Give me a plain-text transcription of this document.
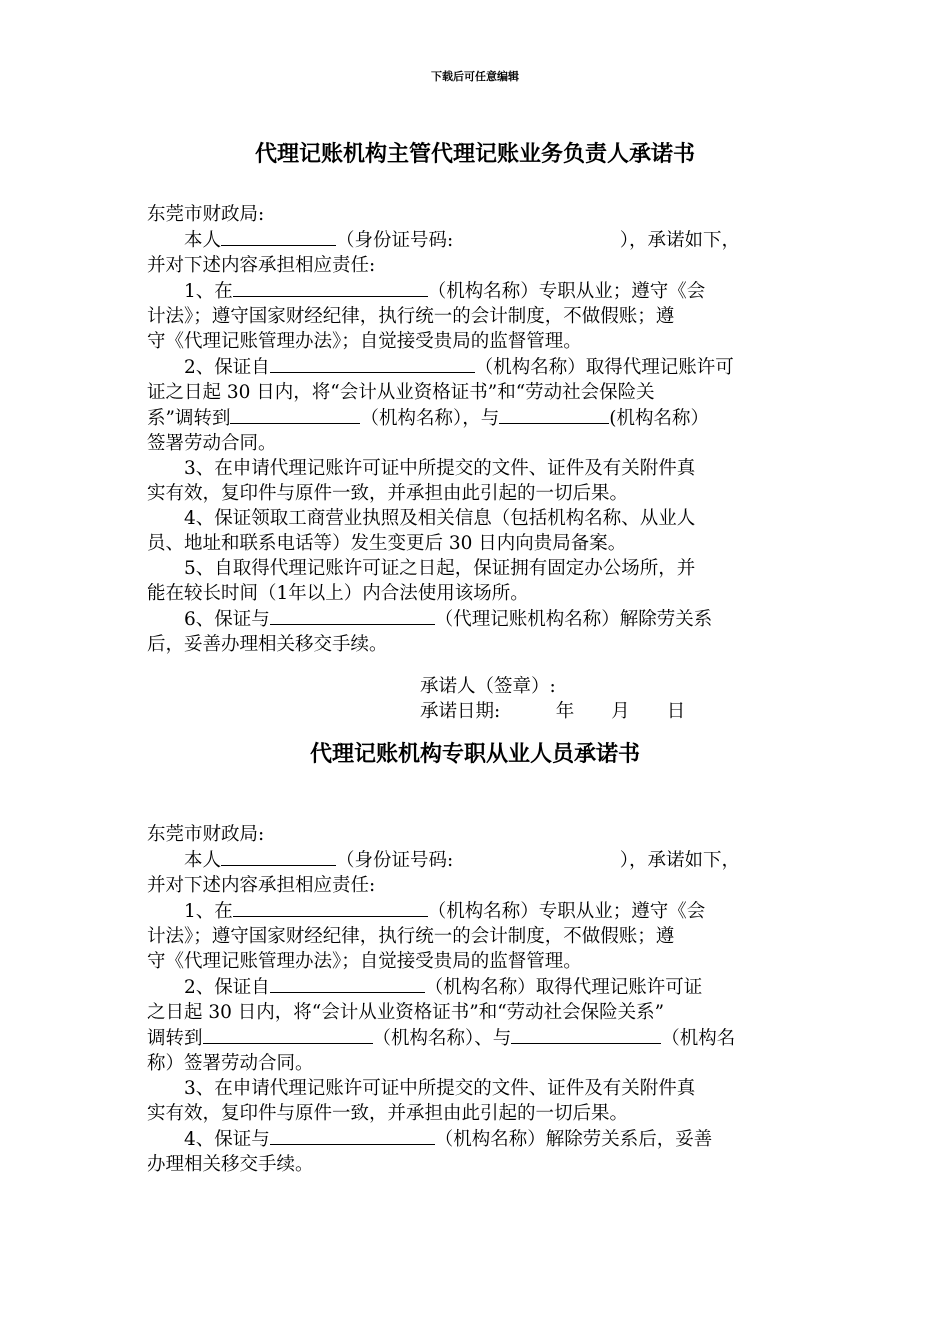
下载后可任意编辑
代理记账机构主管代理记账业务负责人承诺书

东莞市财政局:

　　本人	（身份证号码:　　　　　　　　　），承诺如下，

并对下述内容承担相应责任:

　　1、在	（机构名称）专职从业；遵守《会

计法》；遵守国家财经纪律，执行统一的会计制度，不做假账；遵

守《代理记账管理办法》；自觉接受贵局的监督管理。

　　2、保证自	（机构名称）取得代理记账许可

证之日起 30 日内，将“会计从业资格证书”和“劳动社会保险关

系”调转到	（机构名称），与	(机构名称）

签署劳动合同。

　　3、在申请代理记账许可证中所提交的文件、证件及有关附件真

实有效，复印件与原件一致，并承担由此引起的一切后果。

　　4、保证领取工商营业执照及相关信息（包括机构名称、从业人

员、地址和联系电话等）发生变更后 30 日内向贵局备案。

　　5、自取得代理记账许可证之日起，保证拥有固定办公场所，并

能在较长时间（1年以上）内合法使用该场所。

　　6、保证与	（代理记账机构名称）解除劳关系

后，妥善办理相关移交手续。

承诺人（签章）:
承诺日期:　　　年　　月　　日
代理记账机构专职从业人员承诺书

东莞市财政局:

　　本人	（身份证号码:　　　　　　　　　），承诺如下，

并对下述内容承担相应责任:

　　1、在	（机构名称）专职从业；遵守《会

计法》；遵守国家财经纪律，执行统一的会计制度，不做假账；遵

守《代理记账管理办法》；自觉接受贵局的监督管理。

　　2、保证自	（机构名称）取得代理记账许可证

之日起 30 日内，将“会计从业资格证书”和“劳动社会保险关系”

调转到	（机构名称）、与	（机构名

称）签署劳动合同。

　　3、在申请代理记账许可证中所提交的文件、证件及有关附件真

实有效，复印件与原件一致，并承担由此引起的一切后果。

　　4、保证与	（机构名称）解除劳关系后，妥善

办理相关移交手续。
